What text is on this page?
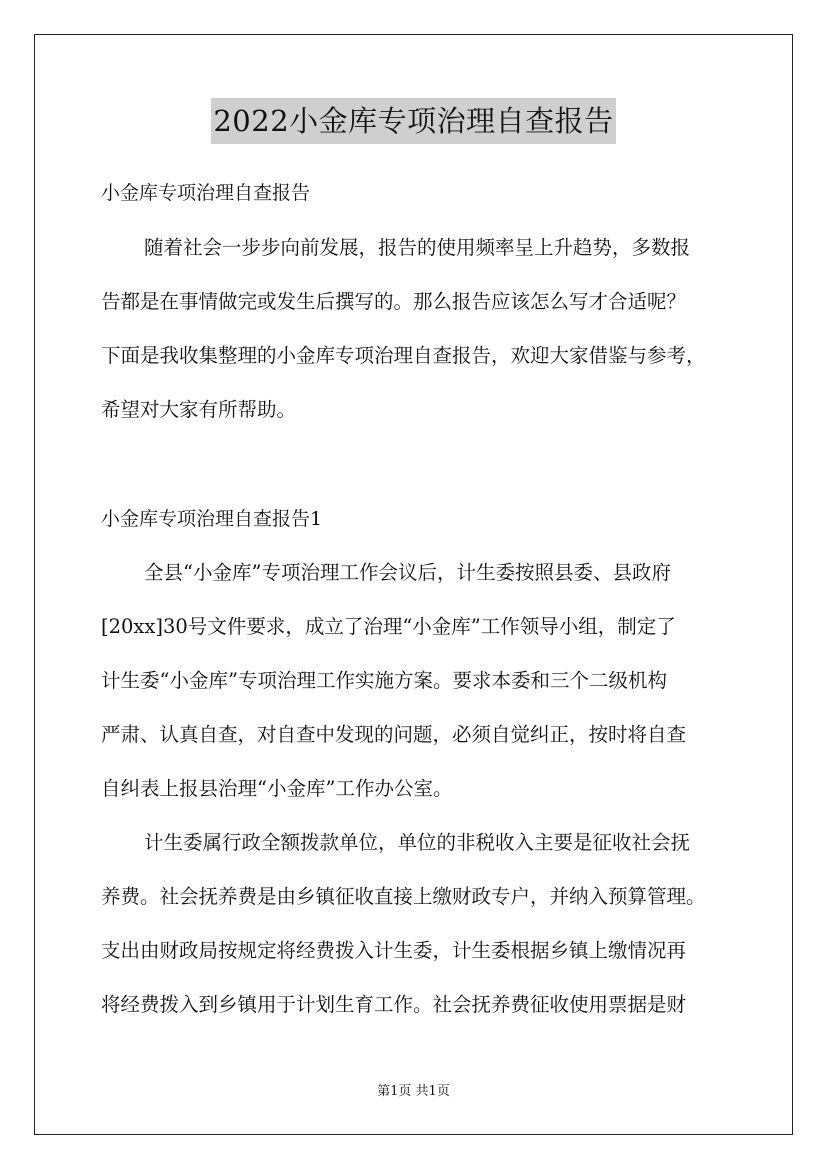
2022小金库专项治理自查报告
小金库专项治理自查报告
随着社会一步步向前发展，报告的使用频率呈上升趋势，多数报
告都是在事情做完或发生后撰写的。那么报告应该怎么写才合适呢？
下面是我收集整理的小金库专项治理自查报告，欢迎大家借鉴与参考，
希望对大家有所帮助。
小金库专项治理自查报告1
全县“小金库”专项治理工作会议后，计生委按照县委、县政府
[20xx]30号文件要求，成立了治理“小金库”工作领导小组，制定了
计生委“小金库”专项治理工作实施方案。要求本委和三个二级机构
严肃、认真自查，对自查中发现的问题，必须自觉纠正，按时将自查
自纠表上报县治理“小金库”工作办公室。
计生委属行政全额拨款单位，单位的非税收入主要是征收社会抚
养费。社会抚养费是由乡镇征收直接上缴财政专户，并纳入预算管理。
支出由财政局按规定将经费拨入计生委，计生委根据乡镇上缴情况再
将经费拨入到乡镇用于计划生育工作。社会抚养费征收使用票据是财
第1页 共1页
